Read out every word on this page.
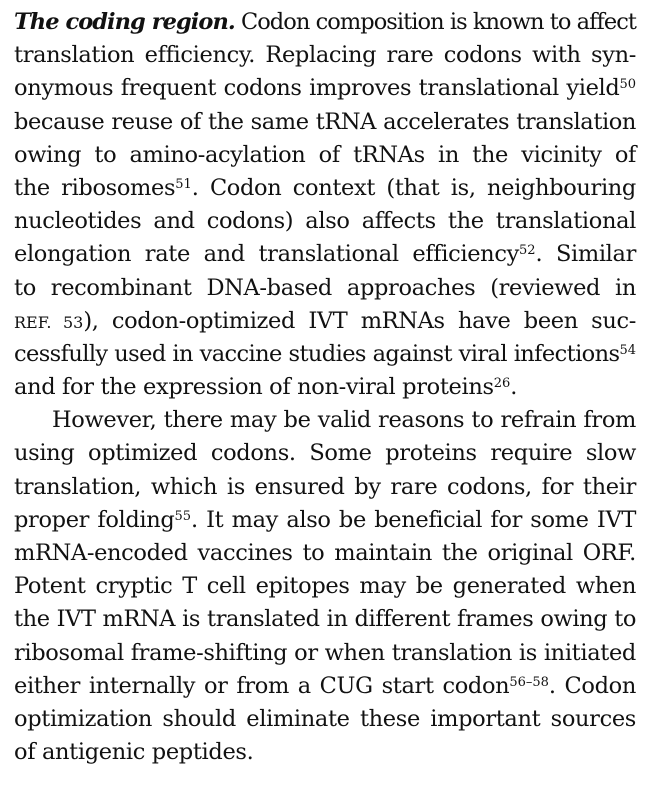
The coding region. Codon composition is known to affect
translation efficiency. Replacing rare codons with syn-
onymous frequent codons improves translational yield$^{50}$
because reuse of the same tRNA accelerates translation
owing to amino-acylation of tRNAs in the vicinity of
the ribosomes$^{51}$. Codon context (that is, neighbouring
nucleotides and codons) also affects the translational
elongation rate and translational efficiency$^{52}$. Similar
to recombinant DNA-based approaches (reviewed in
REF. 53), codon-optimized IVT mRNAs have been suc-
cessfully used in vaccine studies against viral infections$^{54}$
and for the expression of non-viral proteins$^{26}$.
However, there may be valid reasons to refrain from
using optimized codons. Some proteins require slow
translation, which is ensured by rare codons, for their
proper folding$^{55}$. It may also be beneficial for some IVT
mRNA-encoded vaccines to maintain the original ORF.
Potent cryptic T cell epitopes may be generated when
the IVT mRNA is translated in different frames owing to
ribosomal frame-shifting or when translation is initiated
either internally or from a CUG start codon$^{56-58}$. Codon
optimization should eliminate these important sources
of antigenic peptides.
